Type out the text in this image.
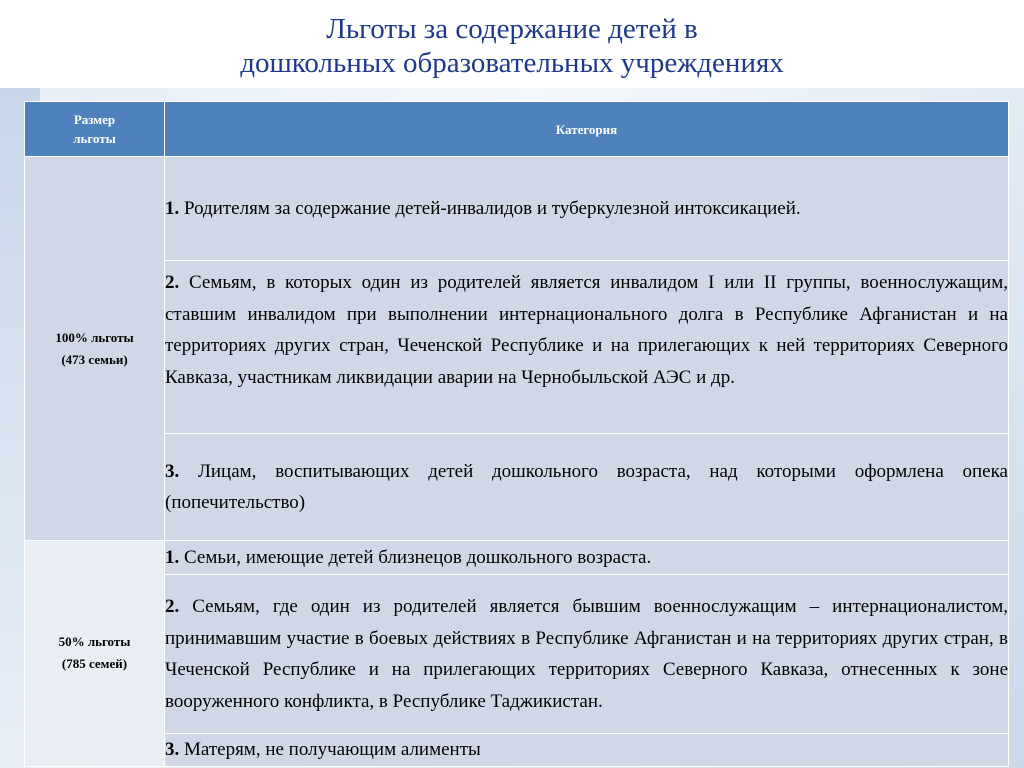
Льготы за содержание детей в
дошкольных образовательных учреждениях
Размер
льготы	Категория

100% льготы
(473 семьи)	1. Родителям за содержание детей-инвалидов и туберкулезной интоксикацией.
	2. Семьям, в которых один из родителей является инвалидом I или II группы, военнослужащим, ставшим инвалидом при выполнении интернационального долга в Республике Афганистан и на территориях других стран, Чеченской Республике и на прилегающих к ней территориях Северного Кавказа, участникам ликвидации аварии на Чернобыльской АЭС и др.
	3. Лицам, воспитывающих детей дошкольного возраста, над которыми оформлена опека (попечительство)

50% льготы
(785 семей)	1. Семьи, имеющие детей близнецов дошкольного возраста.
	2. Семьям, где один из родителей является бывшим военнослужащим – интернационалистом, принимавшим участие в боевых действиях в Республике Афганистан и на территориях других стран, в Чеченской Республике и на прилегающих территориях Северного Кавказа, отнесенных к зоне вооруженного конфликта, в Республике Таджикистан.
	3. Матерям, не получающим алименты
